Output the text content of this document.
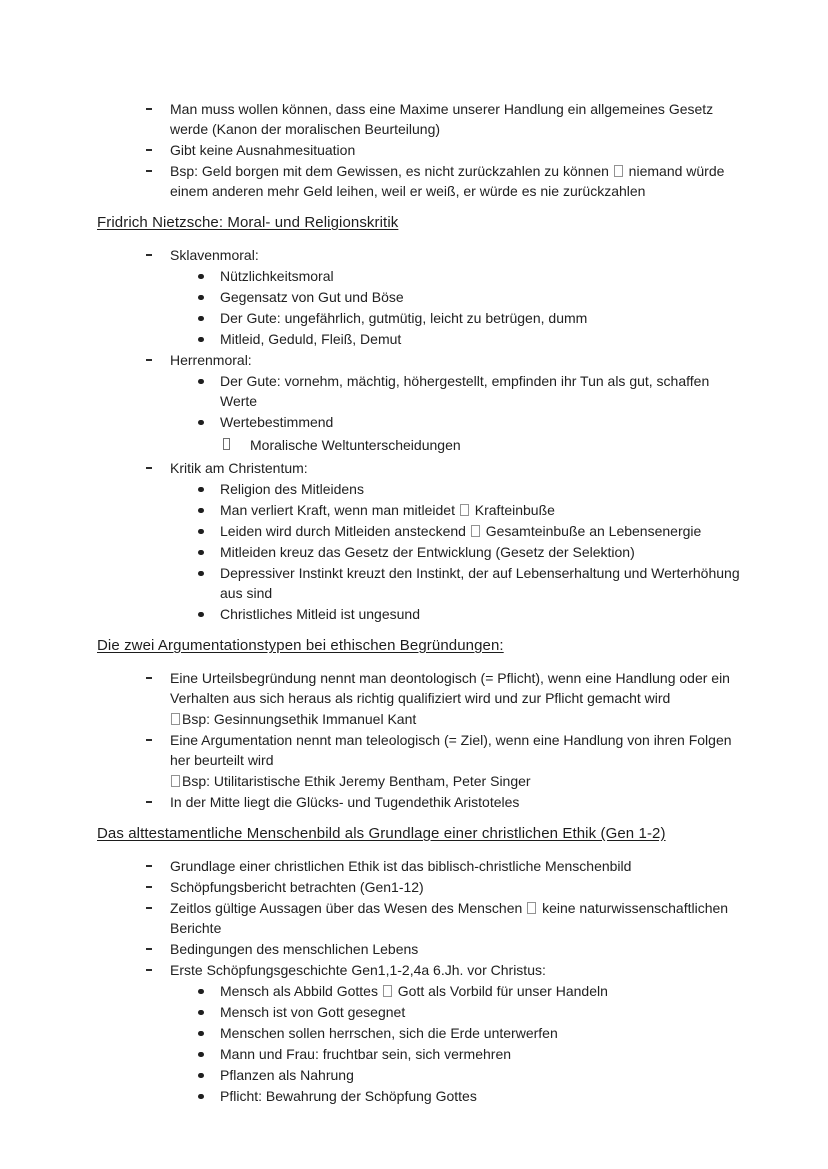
Man muss wollen können, dass eine Maxime unserer Handlung ein allgemeines Gesetz werde (Kanon der moralischen Beurteilung)
Gibt keine Ausnahmesituation
Bsp: Geld borgen mit dem Gewissen, es nicht zurückzahlen zu können  niemand würde einem anderen mehr Geld leihen, weil er weiß, er würde es nie zurückzahlen
Fridrich Nietzsche: Moral- und Religionskritik
Sklavenmoral:
Nützlichkeitsmoral
Gegensatz von Gut und Böse
Der Gute: ungefährlich, gutmütig, leicht zu betrügen, dumm
Mitleid, Geduld, Fleiß, Demut
Herrenmoral:
Der Gute: vornehm, mächtig, höhergestellt, empfinden ihr Tun als gut, schaffen Werte
Wertebestimmend
Moralische Weltunterscheidungen
Kritik am Christentum:
Religion des Mitleidens
Man verliert Kraft, wenn man mitleidet  Krafteinbuße
Leiden wird durch Mitleiden ansteckend  Gesamteinbuße an Lebensenergie
Mitleiden kreuz das Gesetz der Entwicklung (Gesetz der Selektion)
Depressiver Instinkt kreuzt den Instinkt, der auf Lebenserhaltung und Werterhöhung aus sind
Christliches Mitleid ist ungesund
Die zwei Argumentationstypen bei ethischen Begründungen:
Eine Urteilsbegründung nennt man deontologisch (= Pflicht), wenn eine Handlung oder ein Verhalten aus sich heraus als richtig qualifiziert wird und zur Pflicht gemacht wird
Bsp: Gesinnungsethik Immanuel Kant
Eine Argumentation nennt man teleologisch (= Ziel), wenn eine Handlung von ihren Folgen her beurteilt wird
Bsp: Utilitaristische Ethik Jeremy Bentham, Peter Singer
In der Mitte liegt die Glücks- und Tugendethik Aristoteles
Das alttestamentliche Menschenbild als Grundlage einer christlichen Ethik (Gen 1-2)
Grundlage einer christlichen Ethik ist das biblisch-christliche Menschenbild
Schöpfungsbericht betrachten (Gen1-12)
Zeitlos gültige Aussagen über das Wesen des Menschen  keine naturwissenschaftlichen Berichte
Bedingungen des menschlichen Lebens
Erste Schöpfungsgeschichte Gen1,1-2,4a 6.Jh. vor Christus:
Mensch als Abbild Gottes  Gott als Vorbild für unser Handeln
Mensch ist von Gott gesegnet
Menschen sollen herrschen, sich die Erde unterwerfen
Mann und Frau: fruchtbar sein, sich vermehren
Pflanzen als Nahrung
Pflicht: Bewahrung der Schöpfung Gottes
